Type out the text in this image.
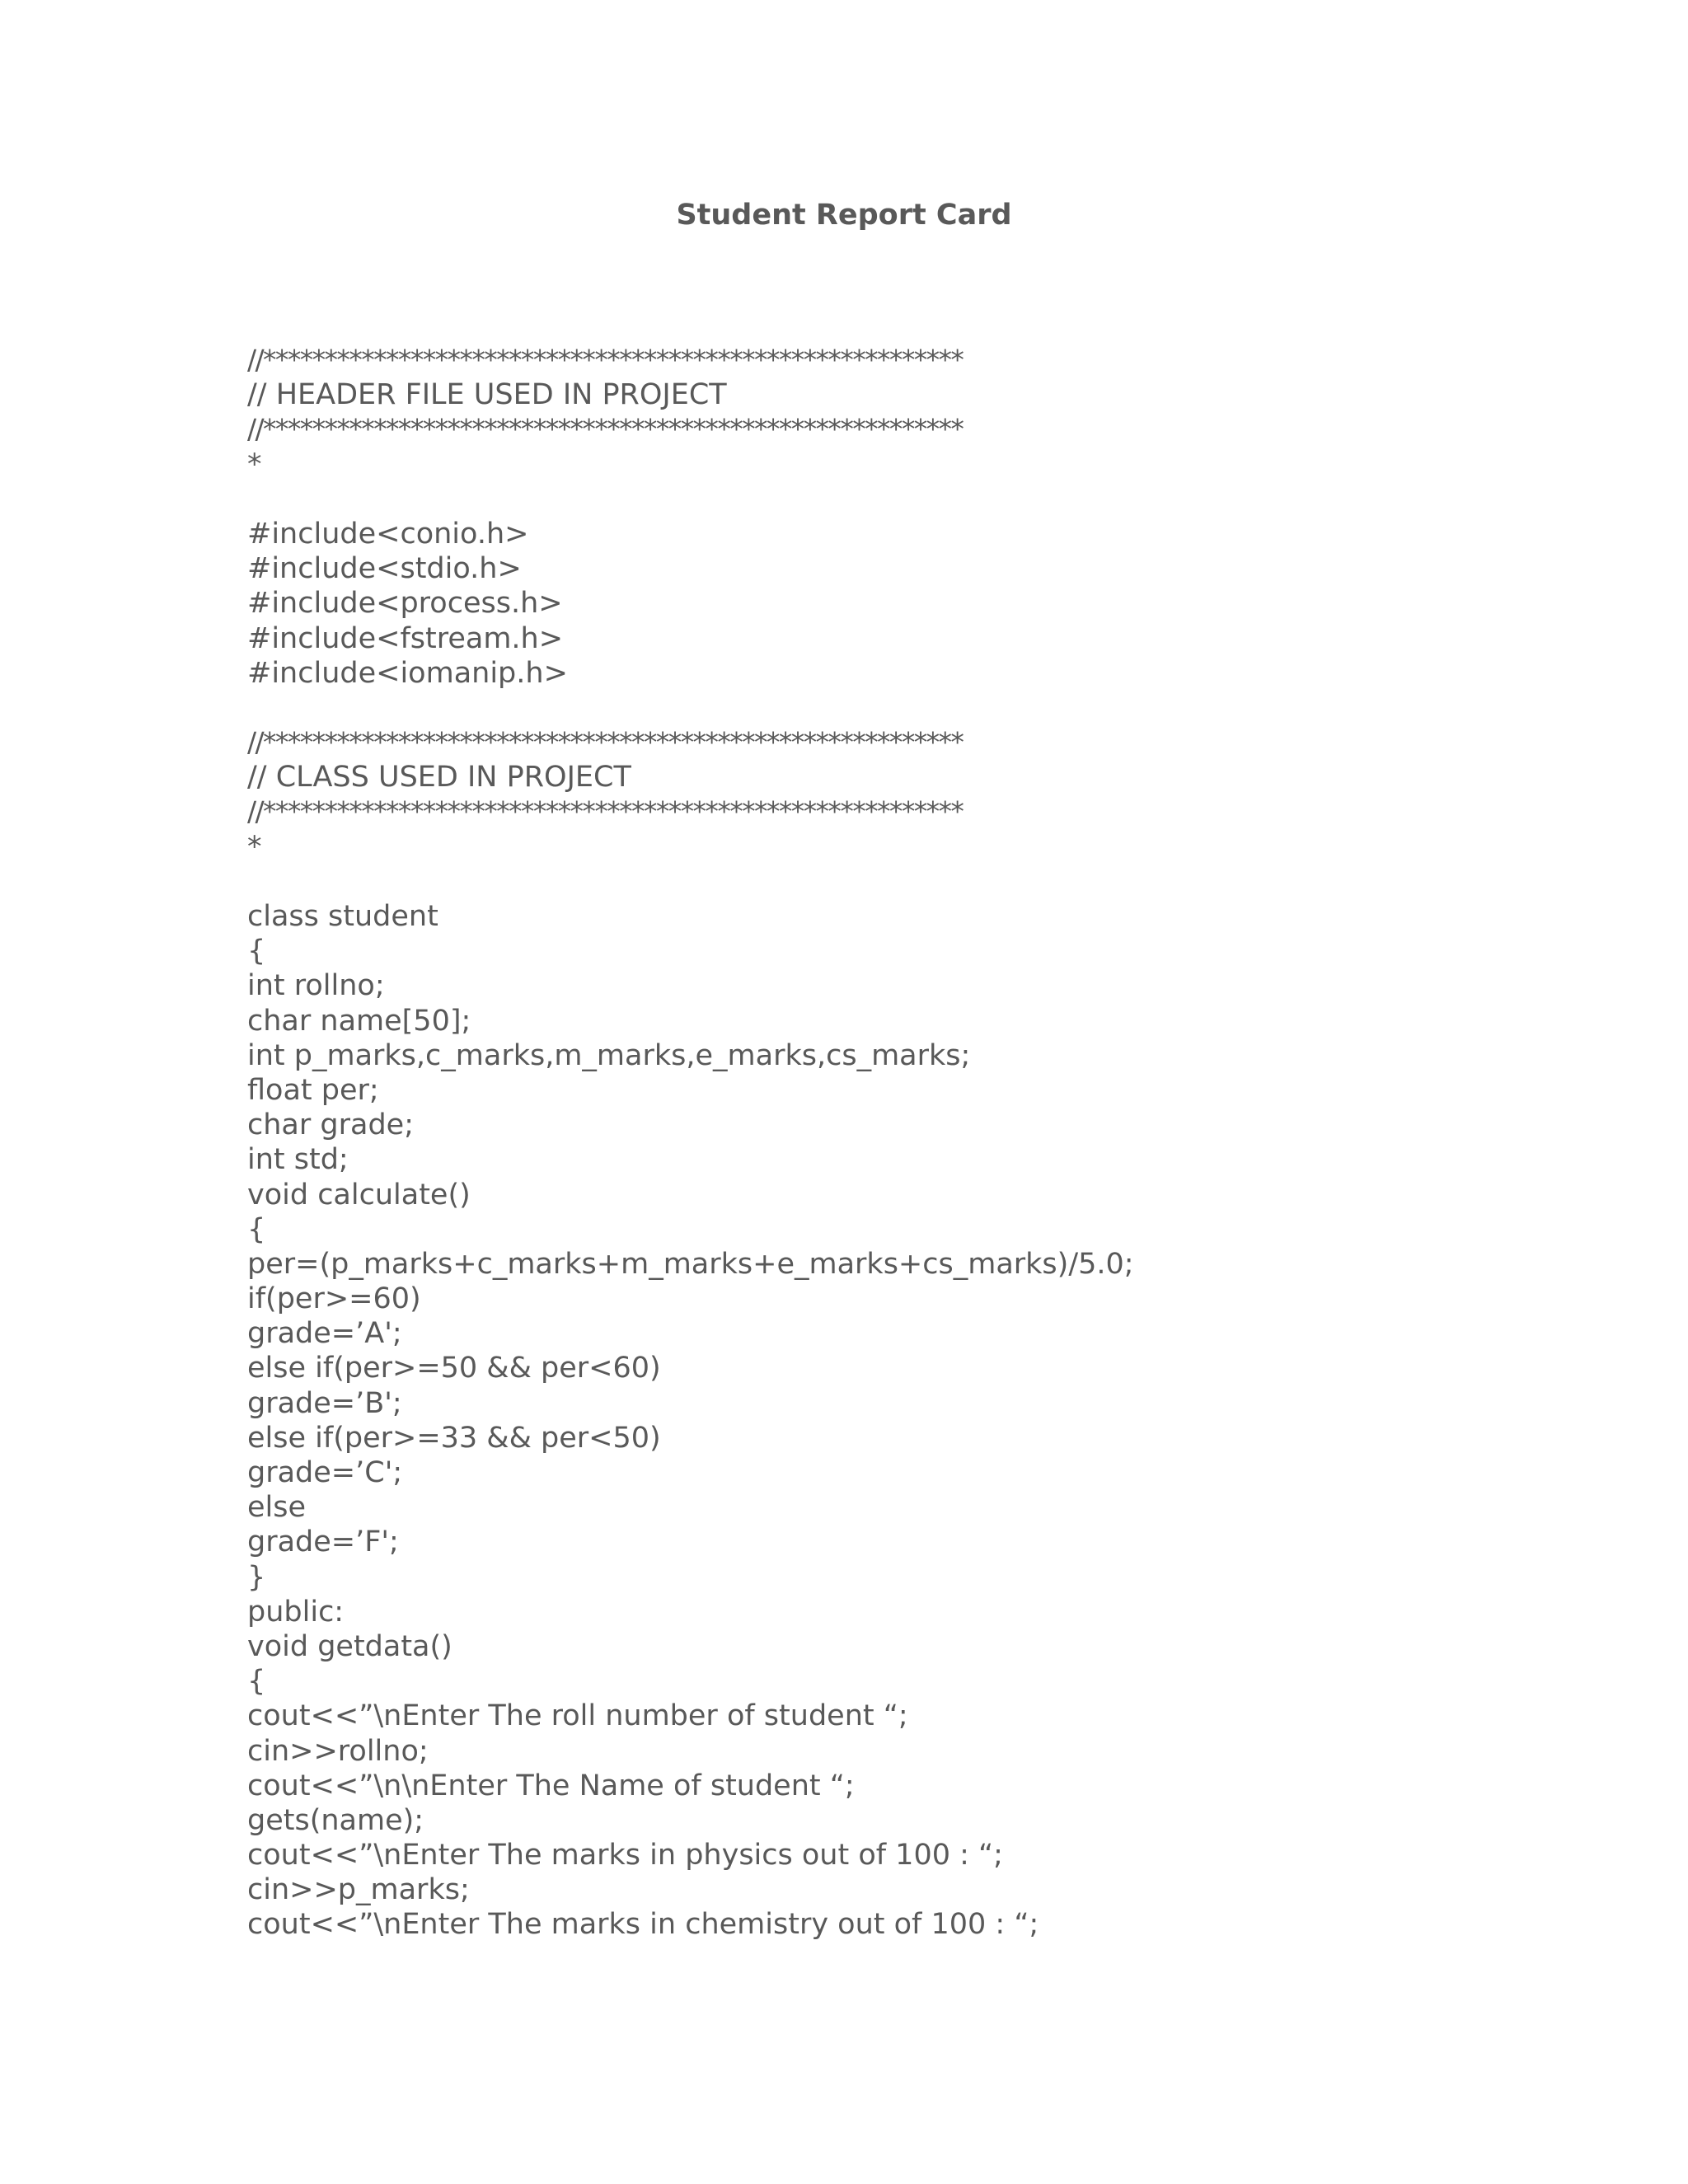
Student Report Card
//*********************************************************
// HEADER FILE USED IN PROJECT
//*********************************************************
*
#include<conio.h>
#include<stdio.h>
#include<process.h>
#include<fstream.h>
#include<iomanip.h>
//*********************************************************
// CLASS USED IN PROJECT
//*********************************************************
*
class student
{
int rollno;
char name[50];
int p_marks,c_marks,m_marks,e_marks,cs_marks;
float per;
char grade;
int std;
void calculate()
{
per=(p_marks+c_marks+m_marks+e_marks+cs_marks)/5.0;
if(per>=60)
grade=’A';
else if(per>=50 && per<60)
grade=’B';
else if(per>=33 && per<50)
grade=’C';
else
grade=’F';
}
public:
void getdata()
{
cout<<”\nEnter The roll number of student “;
cin>>rollno;
cout<<”\n\nEnter The Name of student “;
gets(name);
cout<<”\nEnter The marks in physics out of 100 : “;
cin>>p_marks;
cout<<”\nEnter The marks in chemistry out of 100 : “;
